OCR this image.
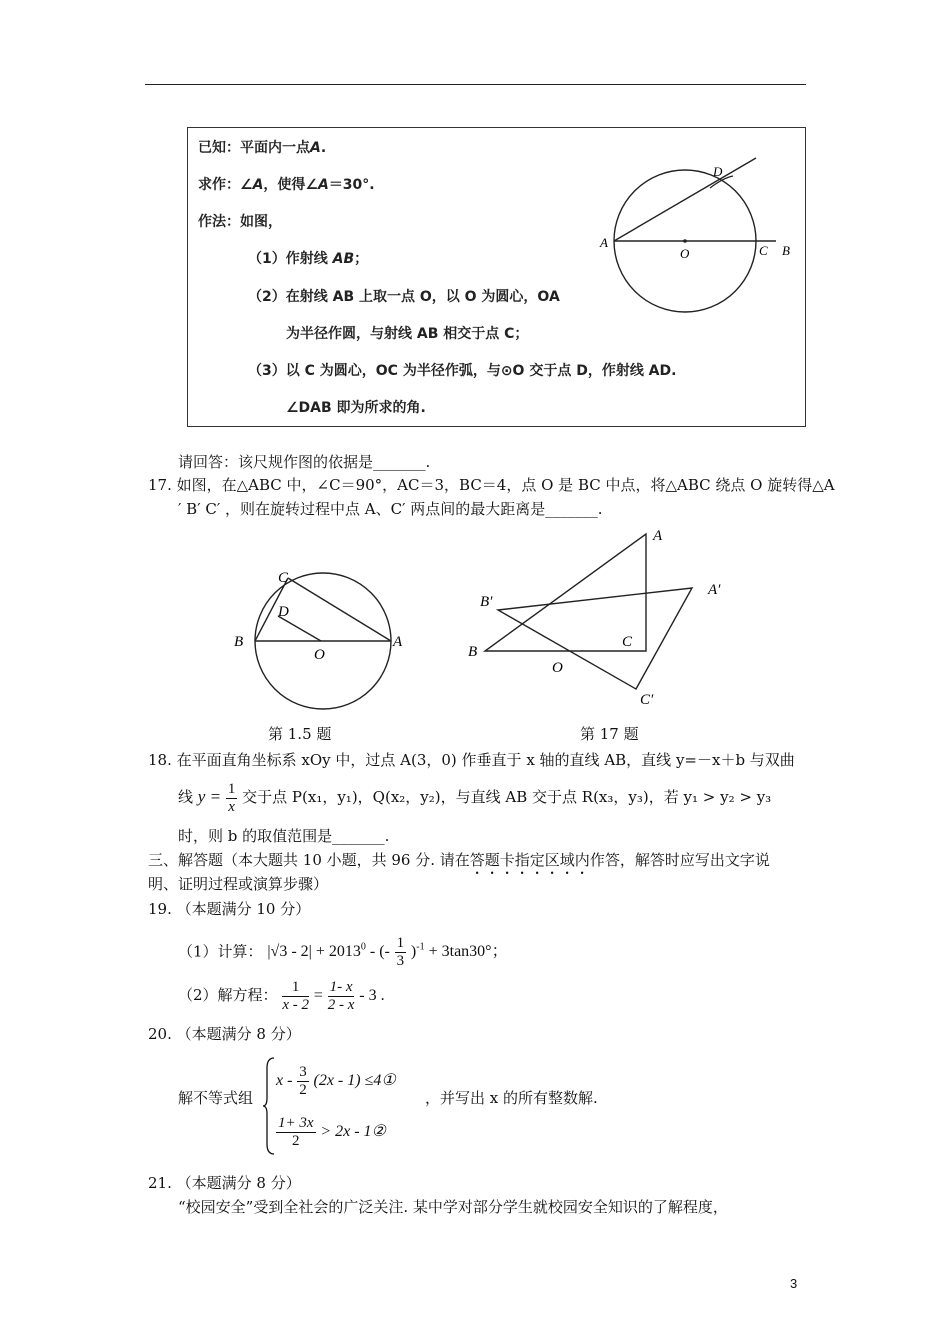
已知：平面内一点A.
求作：∠A，使得∠A＝30°.
作法：如图，
（1）作射线 AB；
（2）在射线 AB 上取一点 O，以 O 为圆心，OA
为半径作圆，与射线 AB 相交于点 C；
（3）以 C 为圆心，OC 为半径作弧，与⊙O 交于点 D，作射线 AD.
∠DAB 即为所求的角.
A
O	C B
D
请回答：该尺规作图的依据是_______.
17. 如图，在△ABC 中，∠C＝90°，AC＝3，BC＝4，点 O 是 BC 中点，将△ABC 绕点 O 旋转得△A
′ B′ C′ ，则在旋转过程中点 A、C′ 两点间的最大距离是_______.
C
D
B
O
A
A
A′
B′
B
C
O
C′
第 1.5 题	第 17 题
18. 在平面直角坐标系 xOy 中，过点 A(3，0) 作垂直于 x 轴的直线 AB，直线 y=－x＋b 与双曲
线 $y = \frac{1}{x}$ 交于点 P(x₁，y₁)，Q(x₂，y₂)，与直线 AB 交于点 R(x₃，y₃)，若 y₁ > y₂ > y₃
时，则 b 的取值范围是_______.
三、解答题（本大题共 10 小题，共 96 分. 请在答题卡指定区域内作答，解答时应写出文字说
明、证明过程或演算步骤）
19. （本题满分 10 分）
（1）计算： $|√3 - 2| + 2013^0$ - (- $\frac{1}{3} )^{-1} + 3\tan 30^\circ$；
（2）解方程： $\frac{1}{x - 2} = \frac{1- x}{2 - x} - 3$ .
20. （本题满分 8 分）
解不等式组
x - $\frac{3}{2} (2x - 1)$ ≤4①
$\frac{1+ 3x}{2} > 2x$ - 1②
，并写出 x 的所有整数解.
21. （本题满分 8 分）
“校园安全”受到全社会的广泛关注. 某中学对部分学生就校园安全知识的了解程度，
3
